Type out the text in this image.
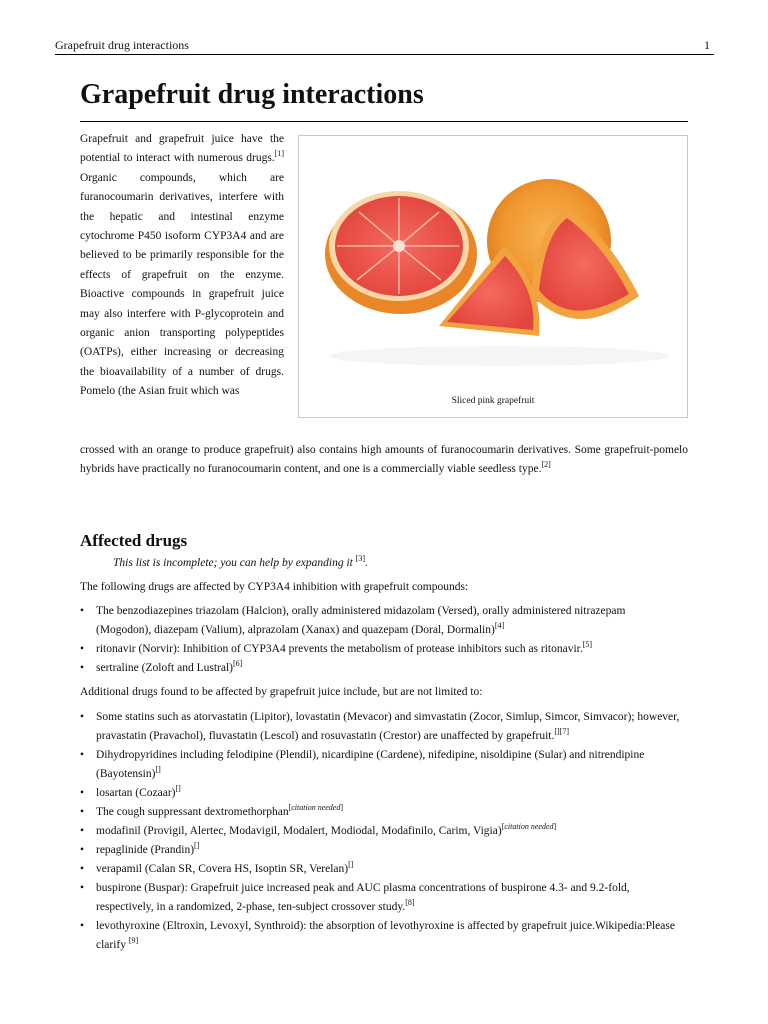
Grapefruit drug interactions	1
Grapefruit drug interactions
Grapefruit and grapefruit juice have the potential to interact with numerous drugs.[1] Organic compounds, which are furanocoumarin derivatives, interfere with the hepatic and intestinal enzyme cytochrome P450 isoform CYP3A4 and are believed to be primarily responsible for the effects of grapefruit on the enzyme. Bioactive compounds in grapefruit juice may also interfere with P-glycoprotein and organic anion transporting polypeptides (OATPs), either increasing or decreasing the bioavailability of a number of drugs. Pomelo (the Asian fruit which was
Sliced pink grapefruit
crossed with an orange to produce grapefruit) also contains high amounts of furanocoumarin derivatives. Some grapefruit-pomelo hybrids have practically no furanocoumarin content, and one is a commercially viable seedless type.[2]
Affected drugs
This list is incomplete; you can help by expanding it [3].
The following drugs are affected by CYP3A4 inhibition with grapefruit compounds:
• The benzodiazepines triazolam (Halcion), orally administered midazolam (Versed), orally administered nitrazepam (Mogodon), diazepam (Valium), alprazolam (Xanax) and quazepam (Doral, Dormalin)[4]
• ritonavir (Norvir): Inhibition of CYP3A4 prevents the metabolism of protease inhibitors such as ritonavir.[5]
• sertraline (Zoloft and Lustral)[6]
Additional drugs found to be affected by grapefruit juice include, but are not limited to:
• Some statins such as atorvastatin (Lipitor), lovastatin (Mevacor) and simvastatin (Zocor, Simlup, Simcor, Simvacor); however, pravastatin (Pravachol), fluvastatin (Lescol) and rosuvastatin (Crestor) are unaffected by grapefruit.[][7]
• Dihydropyridines including felodipine (Plendil), nicardipine (Cardene), nifedipine, nisoldipine (Sular) and nitrendipine (Bayotensin)[]
• losartan (Cozaar)[]
• The cough suppressant dextromethorphan[citation needed]
• modafinil (Provigil, Alertec, Modavigil, Modalert, Modiodal, Modafinilo, Carim, Vigia)[citation needed]
• repaglinide (Prandin)[]
• verapamil (Calan SR, Covera HS, Isoptin SR, Verelan)[]
• buspirone (Buspar): Grapefruit juice increased peak and AUC plasma concentrations of buspirone 4.3- and 9.2-fold, respectively, in a randomized, 2-phase, ten-subject crossover study.[8]
• levothyroxine (Eltroxin, Levoxyl, Synthroid): the absorption of levothyroxine is affected by grapefruit juice.Wikipedia:Please clarify [9]
